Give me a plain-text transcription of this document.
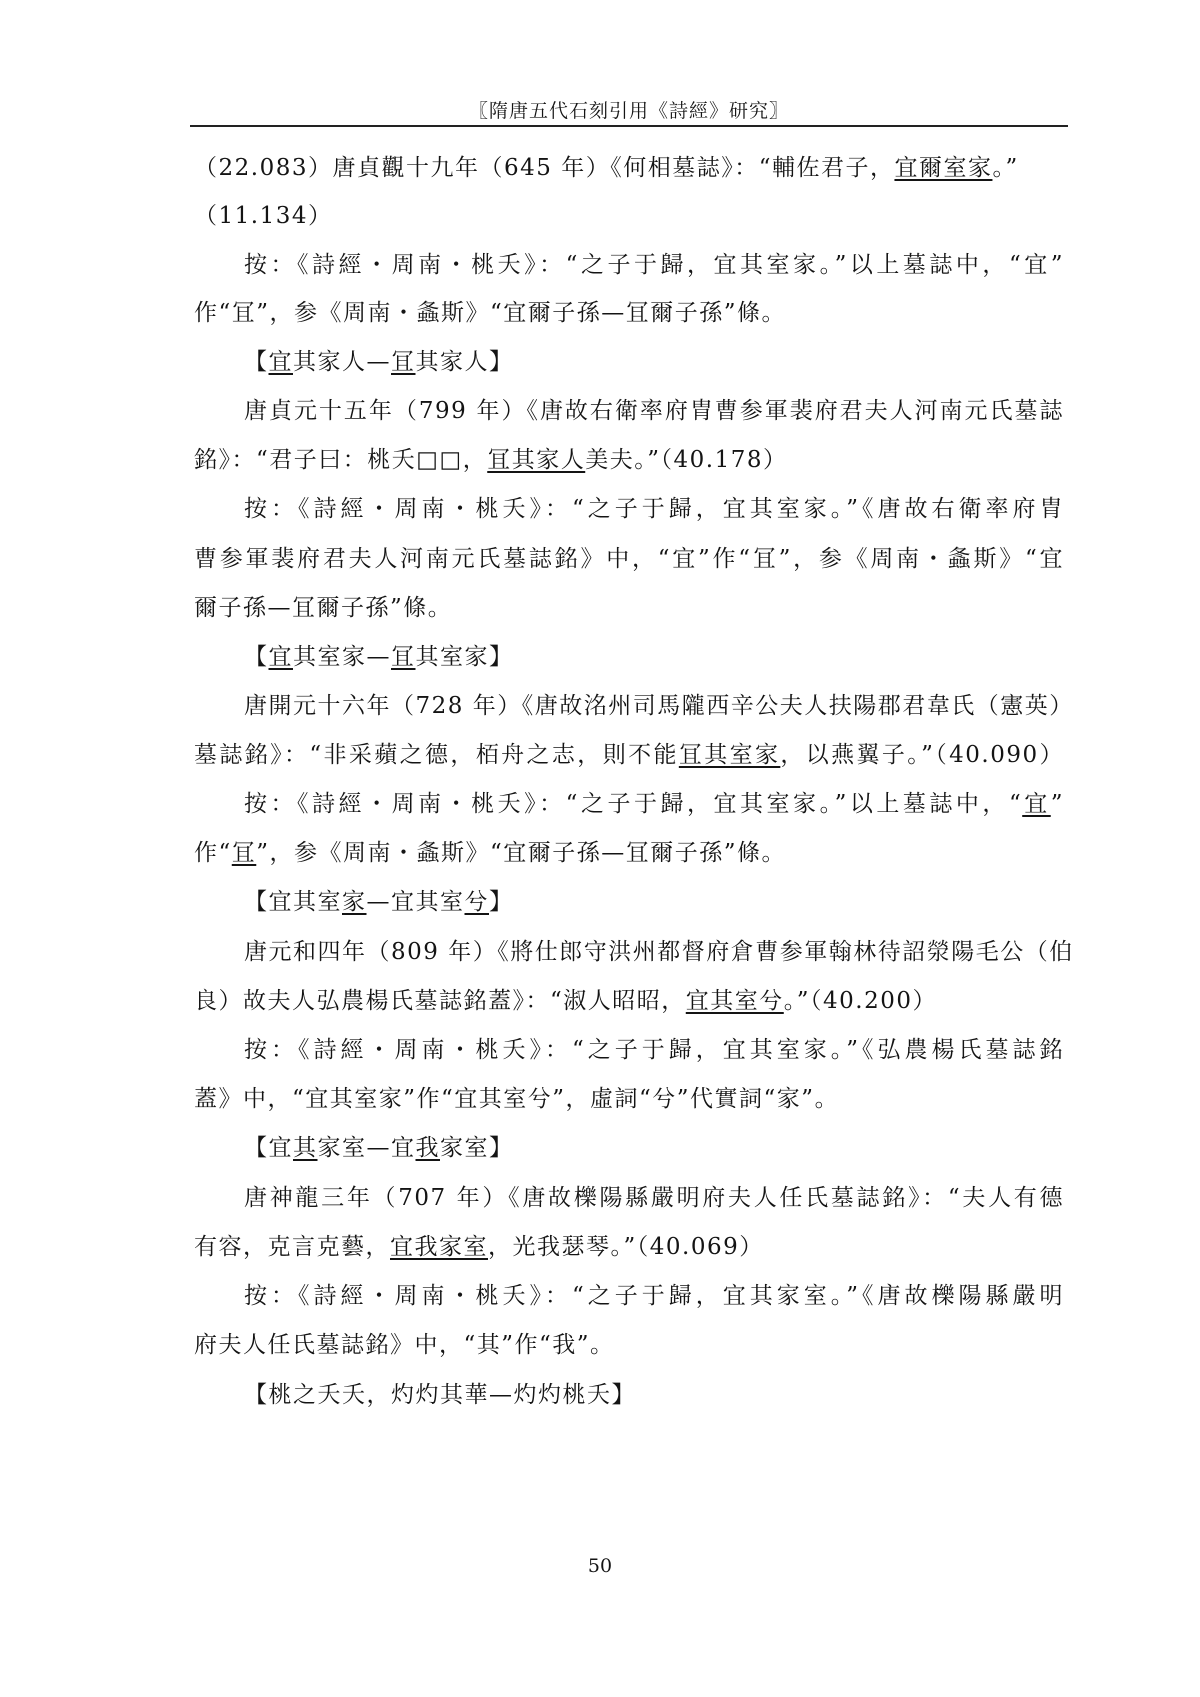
〖隋唐五代石刻引用《詩經》研究〗
（22.083）唐貞觀十九年（645 年）《何相墓誌》：“輔佐君子，宜爾室家。”
（11.134）
按：《詩經・周南・桃夭》：“之子于歸，宜其室家。”以上墓誌中，“宜”
作“冝”，参《周南・螽斯》“宜爾子孫—冝爾子孫”條。
【宜其家人—冝其家人】
唐貞元十五年（799 年）《唐故右衛率府胄曹参軍裴府君夫人河南元氏墓誌
銘》：“君子曰：桃夭□□，冝其家人美夫。”（40.178）
按：《詩經・周南・桃夭》：“之子于歸，宜其室家。”《唐故右衛率府胄
曹参軍裴府君夫人河南元氏墓誌銘》中，“宜”作“冝”，参《周南・螽斯》“宜
爾子孫—冝爾子孫”條。
【宜其室家—冝其室家】
唐開元十六年（728 年）《唐故洺州司馬隴西辛公夫人扶陽郡君韋氏（憲英）
墓誌銘》：“非采蘋之德，栢舟之志，則不能冝其室家，以燕翼子。”（40.090）
按：《詩經・周南・桃夭》：“之子于歸，宜其室家。”以上墓誌中，“宜”
作“冝”，参《周南・螽斯》“宜爾子孫—冝爾子孫”條。
【宜其室家—宜其室兮】
唐元和四年（809 年）《將仕郎守洪州都督府倉曹参軍翰林待詔滎陽毛公（伯
良）故夫人弘農楊氏墓誌銘蓋》：“淑人昭昭，宜其室兮。”（40.200）
按：《詩經・周南・桃夭》：“之子于歸，宜其室家。”《弘農楊氏墓誌銘
蓋》中，“宜其室家”作“宜其室兮”，虛詞“兮”代實詞“家”。
【宜其家室—宜我家室】
唐神龍三年（707 年）《唐故櫟陽縣嚴明府夫人任氏墓誌銘》：“夫人有德
有容，克言克藝，宜我家室，光我瑟琴。”（40.069）
按：《詩經・周南・桃夭》：“之子于歸，宜其家室。”《唐故櫟陽縣嚴明
府夫人任氏墓誌銘》中，“其”作“我”。
【桃之夭夭，灼灼其華—灼灼桃夭】
50
